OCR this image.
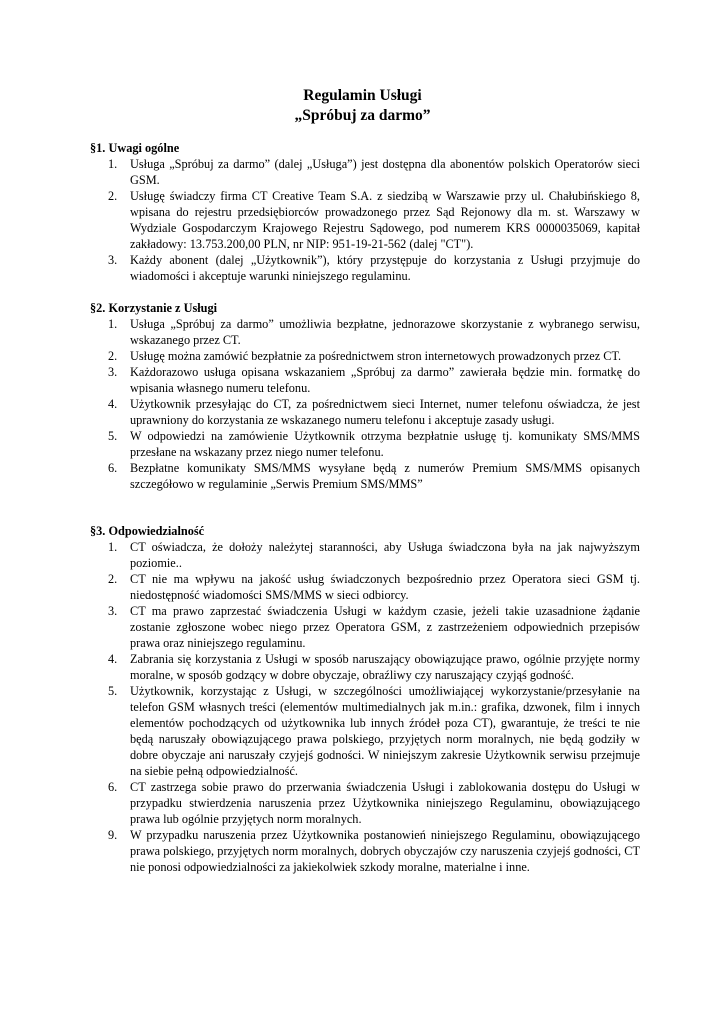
Regulamin Usługi
„Spróbuj za darmo”
§1. Uwagi ogólne
1. Usługa „Spróbuj za darmo” (dalej „Usługa”) jest dostępna dla abonentów polskich Operatorów sieci GSM.
2. Usługę świadczy firma CT Creative Team S.A. z siedzibą w Warszawie przy ul. Chałubińskiego 8, wpisana do rejestru przedsiębiorców prowadzonego przez Sąd Rejonowy dla m. st. Warszawy w Wydziale Gospodarczym Krajowego Rejestru Sądowego, pod numerem KRS 0000035069, kapitał zakładowy: 13.753.200,00 PLN, nr NIP: 951-19-21-562 (dalej "CT").
3. Każdy abonent (dalej „Użytkownik”), który przystępuje do korzystania z Usługi przyjmuje do wiadomości i akceptuje warunki niniejszego regulaminu.
§2. Korzystanie z Usługi
1. Usługa „Spróbuj za darmo” umożliwia bezpłatne, jednorazowe skorzystanie z wybranego serwisu, wskazanego przez CT.
2. Usługę można zamówić bezpłatnie za pośrednictwem stron internetowych prowadzonych przez CT.
3. Każdorazowo usługa opisana wskazaniem „Spróbuj za darmo” zawierała będzie min. formatkę do wpisania własnego numeru telefonu.
4. Użytkownik przesyłając do CT, za pośrednictwem sieci Internet, numer telefonu oświadcza, że jest uprawniony do korzystania ze wskazanego numeru telefonu i akceptuje zasady usługi.
5. W odpowiedzi na zamówienie Użytkownik otrzyma bezpłatnie usługę tj. komunikaty SMS/MMS przesłane na wskazany przez niego numer telefonu.
6. Bezpłatne komunikaty SMS/MMS wysyłane będą z numerów Premium SMS/MMS opisanych szczegółowo w regulaminie „Serwis Premium SMS/MMS”
§3. Odpowiedzialność
1. CT oświadcza, że dołoży należytej staranności, aby Usługa świadczona była na jak najwyższym poziomie..
2. CT nie ma wpływu na jakość usług świadczonych bezpośrednio przez Operatora sieci GSM tj. niedostępność wiadomości SMS/MMS w sieci odbiorcy.
3. CT ma prawo zaprzestać świadczenia Usługi w każdym czasie, jeżeli takie uzasadnione żądanie zostanie zgłoszone wobec niego przez Operatora GSM, z zastrzeżeniem odpowiednich przepisów prawa oraz niniejszego regulaminu.
4. Zabrania się korzystania z Usługi w sposób naruszający obowiązujące prawo, ogólnie przyjęte normy moralne, w sposób godzący w dobre obyczaje, obraźliwy czy naruszający czyjąś godność.
5. Użytkownik, korzystając z Usługi, w szczególności umożliwiającej wykorzystanie/przesyłanie na telefon GSM własnych treści (elementów multimedialnych jak m.in.: grafika, dzwonek, film i innych elementów pochodzących od użytkownika lub innych źródeł poza CT), gwarantuje, że treści te nie będą naruszały obowiązującego prawa polskiego, przyjętych norm moralnych, nie będą godziły w dobre obyczaje ani naruszały czyjejś godności. W niniejszym zakresie Użytkownik serwisu przejmuje na siebie pełną odpowiedzialność.
6. CT zastrzega sobie prawo do przerwania świadczenia Usługi i zablokowania dostępu do Usługi w przypadku stwierdzenia naruszenia przez Użytkownika niniejszego Regulaminu, obowiązującego prawa lub ogólnie przyjętych norm moralnych.
9. W przypadku naruszenia przez Użytkownika postanowień niniejszego Regulaminu, obowiązującego prawa polskiego, przyjętych norm moralnych, dobrych obyczajów czy naruszenia czyjejś godności, CT nie ponosi odpowiedzialności za jakiekolwiek szkody moralne, materialne i inne.
